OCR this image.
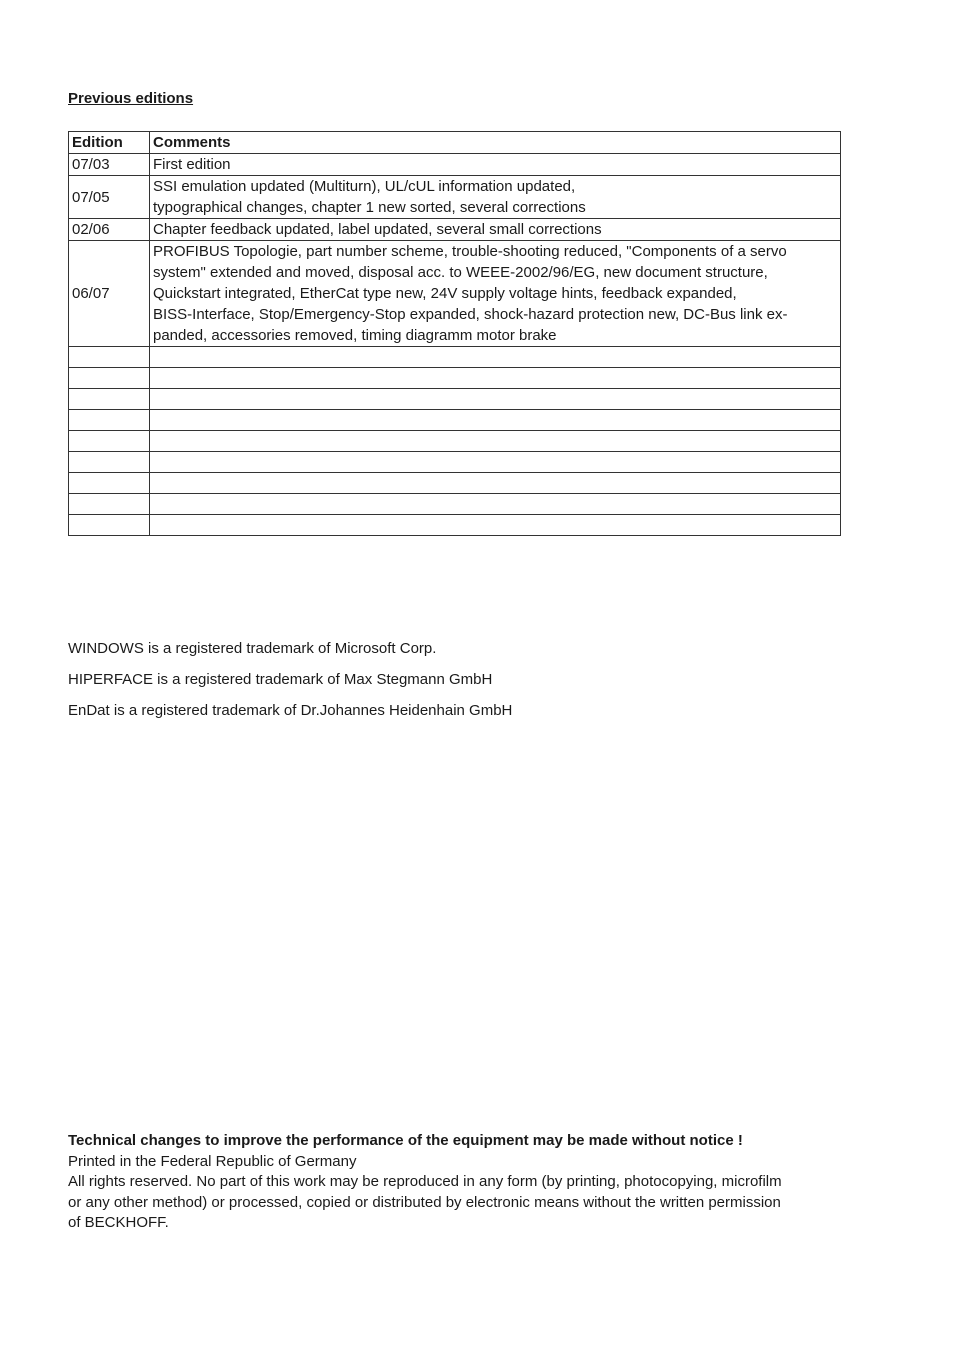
Previous editions
Edition	Comments
07/03	First edition

07/05	SSI emulation updated (Multiturn), UL/cUL information updated,
typographical changes, chapter 1 new sorted, several corrections

02/06	Chapter feedback updated, label updated, several small corrections

06/07	PROFIBUS Topologie, part number scheme, trouble-shooting reduced, "Components of a servo
system" extended and moved, disposal acc. to WEEE-2002/96/EG, new document structure,
Quickstart integrated, EtherCat type new, 24V supply voltage hints, feedback expanded,
BISS-Interface, Stop/Emergency-Stop expanded, shock-hazard protection new, DC-Bus link ex-
panded, accessories removed, timing diagramm motor brake

WINDOWS is a registered trademark of Microsoft Corp.

HIPERFACE is a registered trademark of Max Stegmann GmbH

EnDat is a registered trademark of Dr.Johannes Heidenhain GmbH

Technical changes to improve the performance of the equipment may be made without notice !

Printed in the Federal Republic of Germany

All rights reserved. No part of this work may be reproduced in any form (by printing, photocopying, microfilm

or any other method) or processed, copied or distributed by electronic means without the written permission

of BECKHOFF.
